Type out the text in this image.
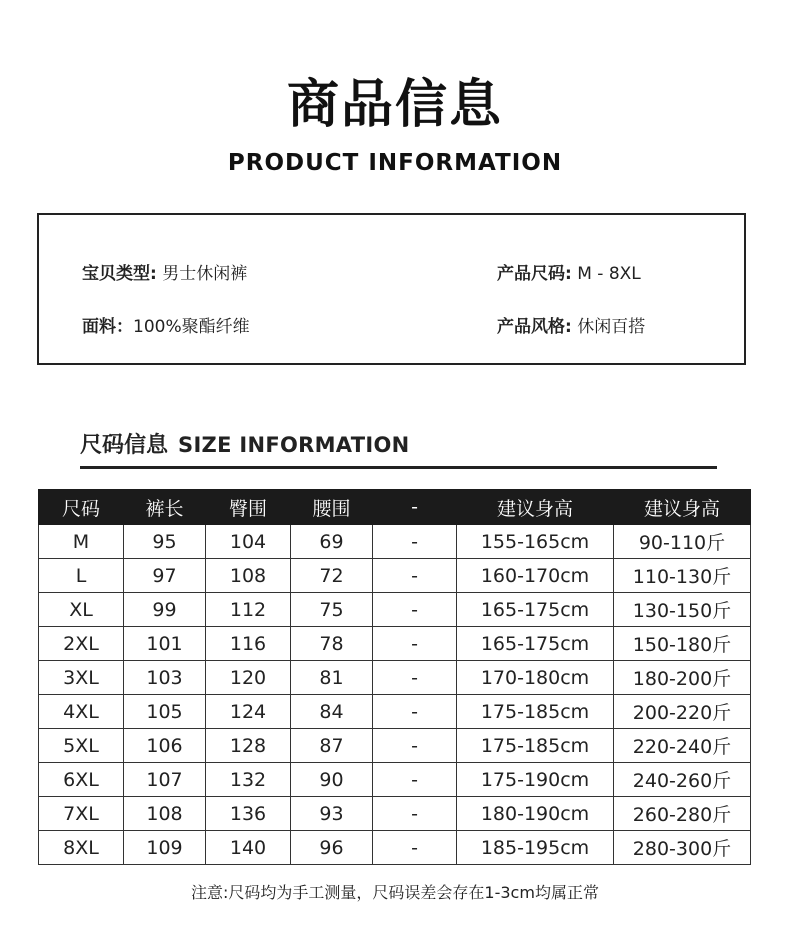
商品信息
PRODUCT INFORMATION
宝贝类型: 男士休闲裤	产品尺码: M - 8XL
面料：100%聚酯纤维	产品风格: 休闲百搭
尺码信息 SIZE INFORMATION
尺码	裤长	臀围	腰围	-	建议身高	建议身高
M	95	104	69	-	155-165cm	90-110斤
L	97	108	72	-	160-170cm	110-130斤
XL	99	112	75	-	165-175cm	130-150斤
2XL	101	116	78	-	165-175cm	150-180斤
3XL	103	120	81	-	170-180cm	180-200斤
4XL	105	124	84	-	175-185cm	200-220斤
5XL	106	128	87	-	175-185cm	220-240斤
6XL	107	132	90	-	175-190cm	240-260斤
7XL	108	136	93	-	180-190cm	260-280斤
8XL	109	140	96	-	185-195cm	280-300斤
注意:尺码均为手工测量，尺码误差会存在1-3cm均属正常
